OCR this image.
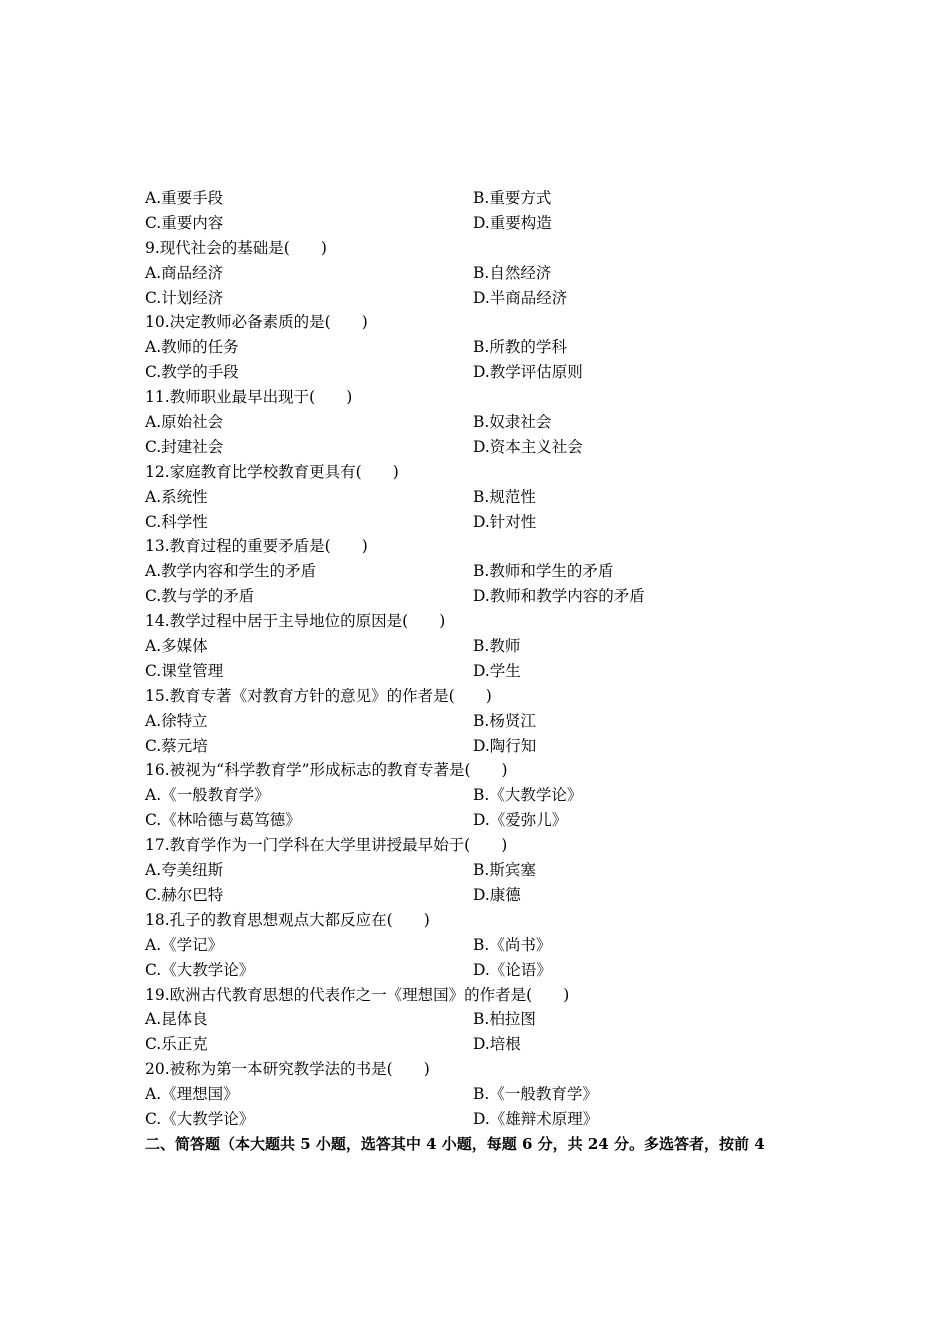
A.重要手段	B.重要方式
C.重要内容	D.重要构造
9.现代社会的基础是(　　)
A.商品经济	B.自然经济
C.计划经济	D.半商品经济
10.决定教师必备素质的是(　　)
A.教师的任务	B.所教的学科
C.教学的手段	D.教学评估原则
11.教师职业最早出现于(　　)
A.原始社会	B.奴隶社会
C.封建社会	D.资本主义社会
12.家庭教育比学校教育更具有(　　)
A.系统性	B.规范性
C.科学性	D.针对性
13.教育过程的重要矛盾是(　　)
A.教学内容和学生的矛盾	B.教师和学生的矛盾
C.教与学的矛盾	D.教师和教学内容的矛盾
14.教学过程中居于主导地位的原因是(　　)
A.多媒体	B.教师
C.课堂管理	D.学生
15.教育专著《对教育方针的意见》的作者是(　　)
A.徐特立	B.杨贤江
C.蔡元培	D.陶行知
16.被视为“科学教育学”形成标志的教育专著是(　　)
A.《一般教育学》	B.《大教学论》
C.《林哈德与葛笃德》	D.《爱弥儿》
17.教育学作为一门学科在大学里讲授最早始于(　　)
A.夸美纽斯	B.斯宾塞
C.赫尔巴特	D.康德
18.孔子的教育思想观点大都反应在(　　)
A.《学记》	B.《尚书》
C.《大教学论》	D.《论语》
19.欧洲古代教育思想的代表作之一《理想国》的作者是(　　)
A.昆体良	B.柏拉图
C.乐正克	D.培根
20.被称为第一本研究教学法的书是(　　)
A.《理想国》	B.《一般教育学》
C.《大教学论》	D.《雄辩术原理》
二、简答题（本大题共 5 小题，选答其中 4 小题，每题 6 分，共 24 分。多选答者，按前 4
